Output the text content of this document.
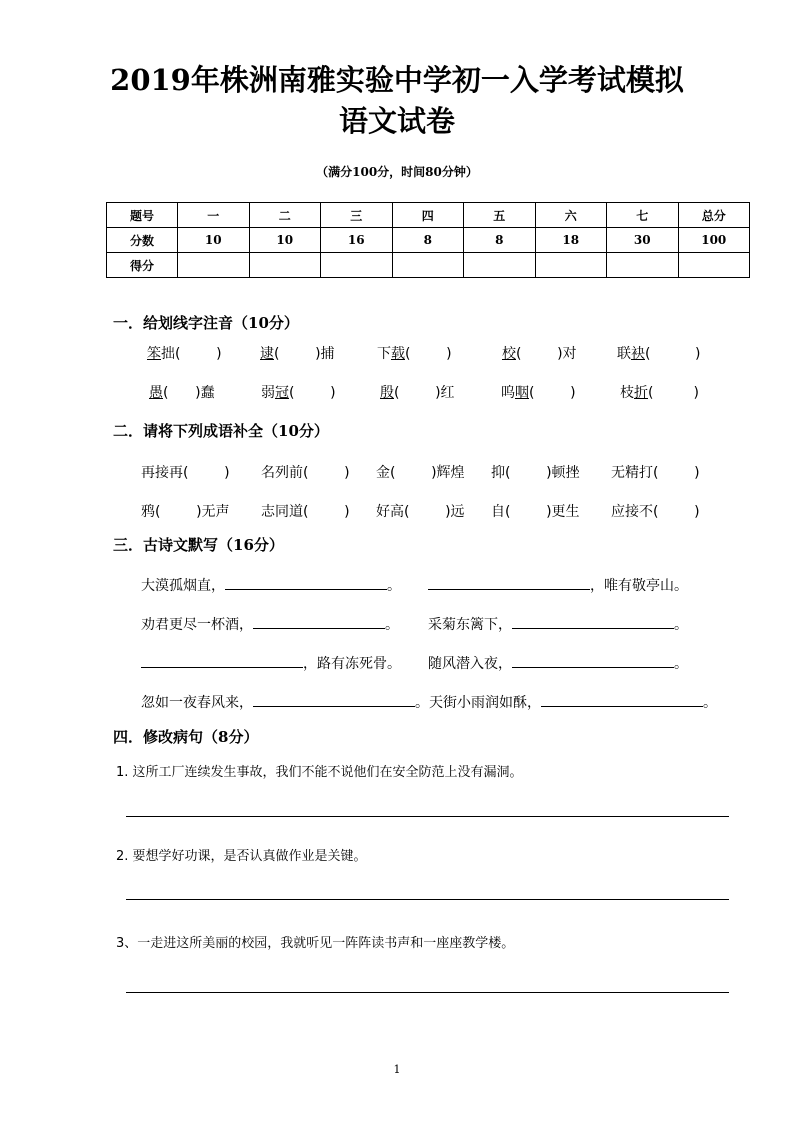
2019年株洲南雅实验中学初一入学考试模拟
语文试卷
（满分100分，时间80分钟）
题号	一	二	三	四	五	六	七	总分
分数	10	10	16	8	8	18	30	100
得分								
一．给划线字注音（10分）
笨拙(        )	逮(        )捕	下载(        )	校(        )对	联袂(          )
愚(      )蠢	弱冠(        )	殷(        )红	呜咽(        )	枝折(         )
二．请将下列成语补全（10分）
再接再(        ) 名列前(        ) 金(        )辉煌 抑(        )顿挫 无精打(        )
鸦(        )无声 志同道(        ) 好高(        )远 自(        )更生 应接不(        )
三．古诗文默写（16分）
大漠孤烟直，	。	，唯有敬亭山。
劝君更尽一杯酒，	。 采菊东篱下，	。
，路有冻死骨。 随风潜入夜，	。
忽如一夜春风来，	。天街小雨润如酥，	。
四．修改病句（8分）
1. 这所工厂连续发生事故，我们不能不说他们在安全防范上没有漏洞。
2. 要想学好功课，是否认真做作业是关键。
3、一走进这所美丽的校园，我就听见一阵阵读书声和一座座教学楼。
1
